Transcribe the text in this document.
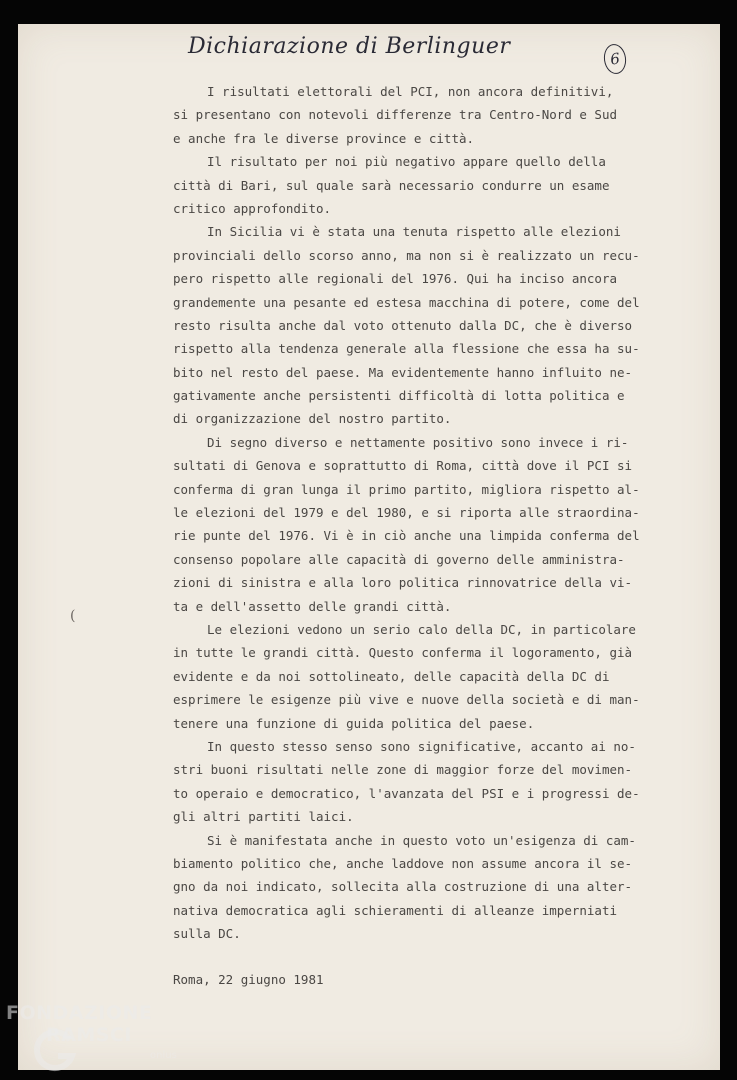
Dichiarazione di Berlinguer
6
(
I risultati elettorali del PCI, non ancora definitivi,
si presentano con notevoli differenze tra Centro-Nord e Sud
e anche fra le diverse province e città.
Il risultato per noi più negativo appare quello della
città di Bari, sul quale sarà necessario condurre un esame
critico approfondito.
In Sicilia vi è stata una tenuta rispetto alle elezioni
provinciali dello scorso anno, ma non si è realizzato un recu-
pero rispetto alle regionali del 1976. Qui ha inciso ancora
grandemente una pesante ed estesa macchina di potere, come del
resto risulta anche dal voto ottenuto dalla DC, che è diverso
rispetto alla tendenza generale alla flessione che essa ha su-
bito nel resto del paese. Ma evidentemente hanno influito ne-
gativamente anche persistenti difficoltà di lotta politica e
di organizzazione del nostro partito.
Di segno diverso e nettamente positivo sono invece i ri-
sultati di Genova e soprattutto di Roma, città dove il PCI si
conferma di gran lunga il primo partito, migliora rispetto al-
le elezioni del 1979 e del 1980, e si riporta alle straordina-
rie punte del 1976. Vi è in ciò anche una limpida conferma del
consenso popolare alle capacità di governo delle amministra-
zioni di sinistra e alla loro politica rinnovatrice della vi-
ta e dell'assetto delle grandi città.
Le elezioni vedono un serio calo della DC, in particolare
in tutte le grandi città. Questo conferma il logoramento, già
evidente e da noi sottolineato, delle capacità della DC di
esprimere le esigenze più vive e nuove della società e di man-
tenere una funzione di guida politica del paese.
In questo stesso senso sono significative, accanto ai no-
stri buoni risultati nelle zone di maggior forze del movimen-
to operaio e democratico, l'avanzata del PSI e i progressi de-
gli altri partiti laici.
Si è manifestata anche in questo voto un'esigenza di cam-
biamento politico che, anche laddove non assume ancora il se-
gno da noi indicato, sollecita alla costruzione di una alter-
nativa democratica agli schieramenti di alleanze imperniati
sulla DC.
Roma, 22 giugno 1981
FONDAZIONE
RAMSCI
onlus
